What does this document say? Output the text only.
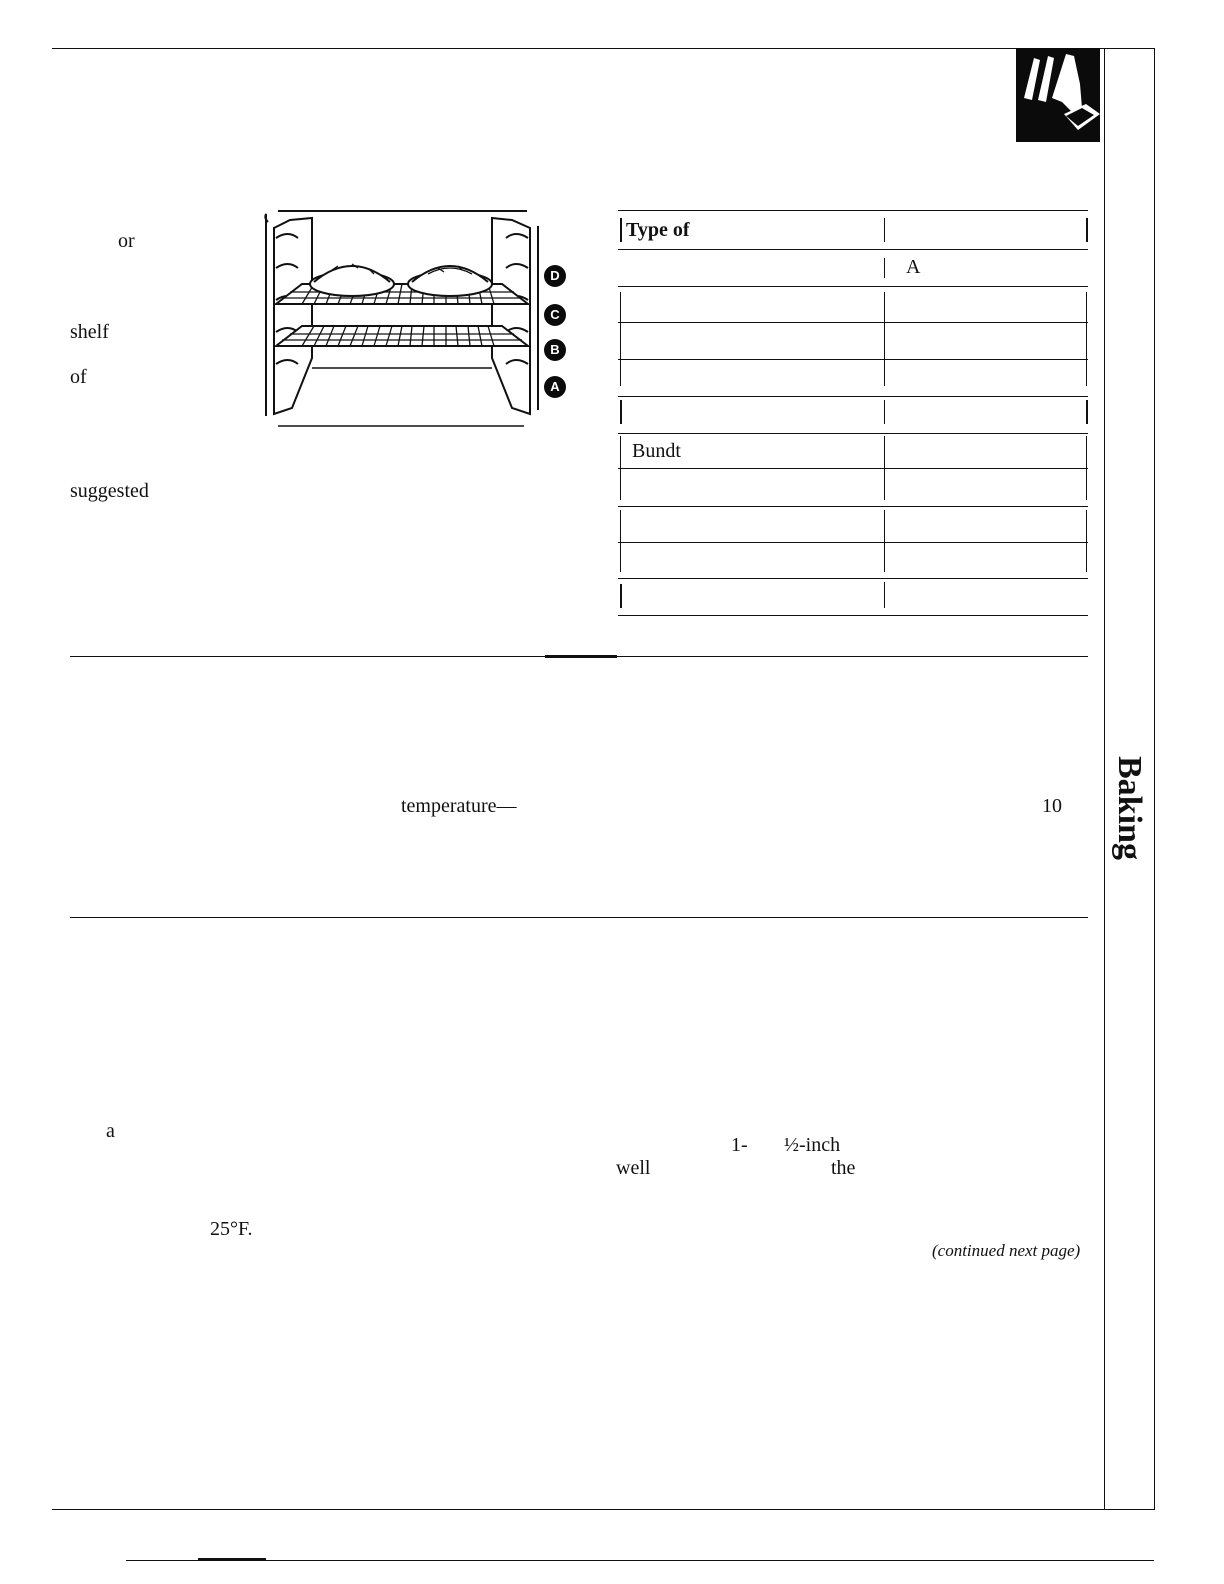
Baking
or
shelf
of
suggested
D
C
B
A
Type of
A
Bundt
temperature—	10
a
1- ½-inch
well	the
25°F.
(continued next page)
